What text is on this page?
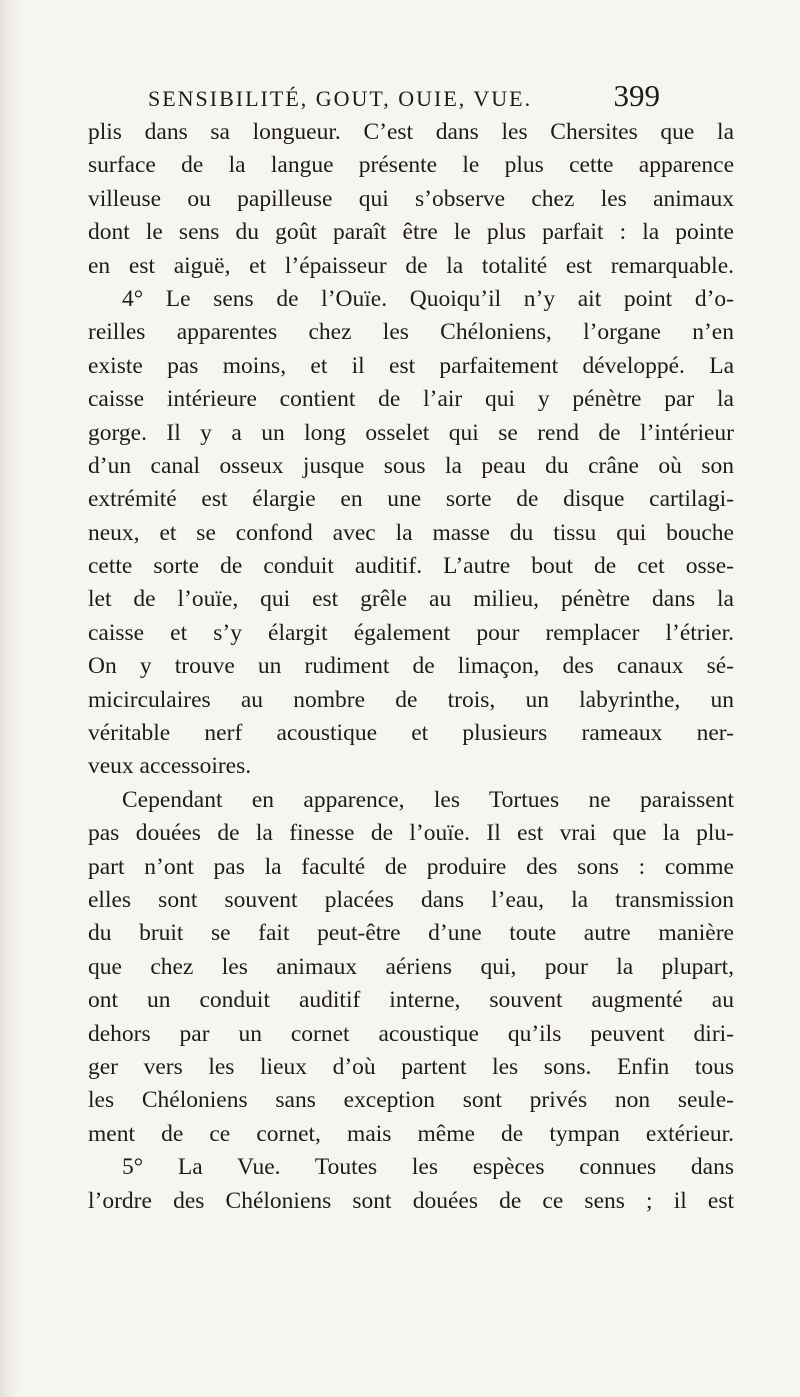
SENSIBILITÉ, GOUT, OUIE, VUE.	399
plis dans sa longueur. C’est dans les Chersites que la
surface de la langue présente le plus cette apparence
villeuse ou papilleuse qui s’observe chez les animaux
dont le sens du goût paraît être le plus parfait : la pointe
en est aiguë, et l’épaisseur de la totalité est remarquable.
4° Le sens de l’Ouïe. Quoiqu’il n’y ait point d’o-
reilles apparentes chez les Chéloniens, l’organe n’en
existe pas moins, et il est parfaitement développé. La
caisse intérieure contient de l’air qui y pénètre par la
gorge. Il y a un long osselet qui se rend de l’intérieur
d’un canal osseux jusque sous la peau du crâne où son
extrémité est élargie en une sorte de disque cartilagi-
neux, et se confond avec la masse du tissu qui bouche
cette sorte de conduit auditif. L’autre bout de cet osse-
let de l’ouïe, qui est grêle au milieu, pénètre dans la
caisse et s’y élargit également pour remplacer l’étrier.
On y trouve un rudiment de limaçon, des canaux sé-
micirculaires au nombre de trois, un labyrinthe, un
véritable nerf acoustique et plusieurs rameaux ner-
veux accessoires.
Cependant en apparence, les Tortues ne paraissent
pas douées de la finesse de l’ouïe. Il est vrai que la plu-
part n’ont pas la faculté de produire des sons : comme
elles sont souvent placées dans l’eau, la transmission
du bruit se fait peut-être d’une toute autre manière
que chez les animaux aériens qui, pour la plupart,
ont un conduit auditif interne, souvent augmenté au
dehors par un cornet acoustique qu’ils peuvent diri-
ger vers les lieux d’où partent les sons. Enfin tous
les Chéloniens sans exception sont privés non seule-
ment de ce cornet, mais même de tympan extérieur.
5° La Vue. Toutes les espèces connues dans
l’ordre des Chéloniens sont douées de ce sens ; il est
